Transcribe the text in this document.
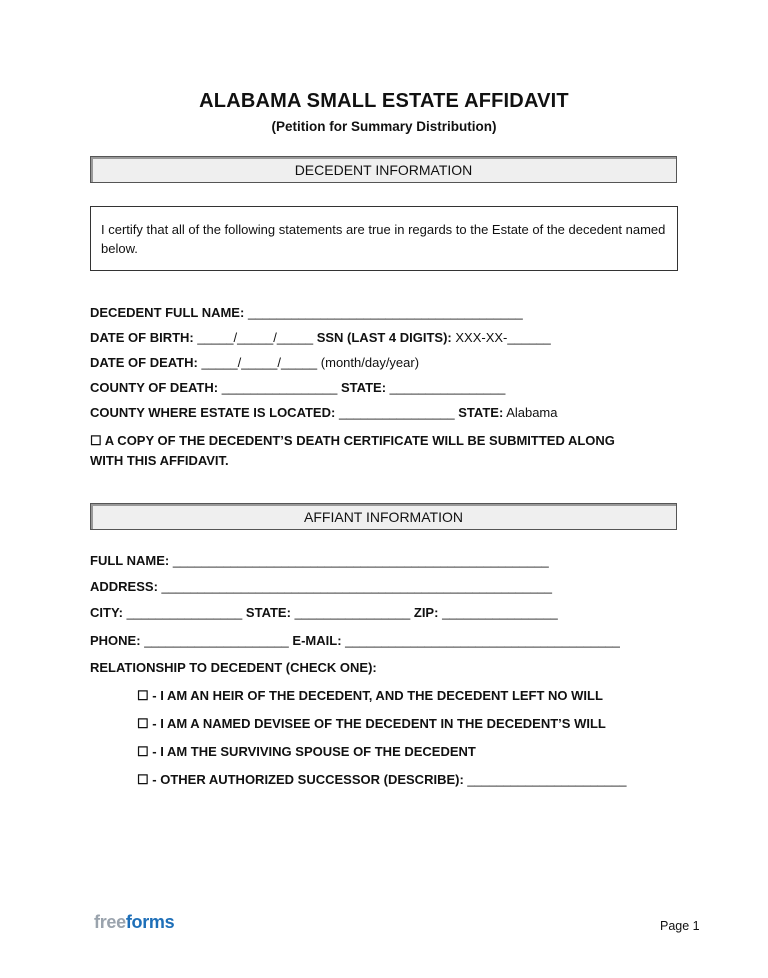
ALABAMA SMALL ESTATE AFFIDAVIT
(Petition for Summary Distribution)
DECEDENT INFORMATION
I certify that all of the following statements are true in regards to the Estate of the decedent named below.
DECEDENT FULL NAME: ______________________________________
DATE OF BIRTH: _____/_____/_____ SSN (LAST 4 DIGITS): XXX-XX-______
DATE OF DEATH: _____/_____/_____ (month/day/year)
COUNTY OF DEATH: ________________ STATE: ________________
COUNTY WHERE ESTATE IS LOCATED: ________________ STATE: Alabama
☐ A COPY OF THE DECEDENT’S DEATH CERTIFICATE WILL BE SUBMITTED ALONG
WITH THIS AFFIDAVIT.
AFFIANT INFORMATION
FULL NAME: ____________________________________________________
ADDRESS: ______________________________________________________
CITY: ________________ STATE: ________________ ZIP: ________________
PHONE: ____________________ E-MAIL: ______________________________________
RELATIONSHIP TO DECEDENT (CHECK ONE):
☐ - I AM AN HEIR OF THE DECEDENT, AND THE DECEDENT LEFT NO WILL
☐ - I AM A NAMED DEVISEE OF THE DECEDENT IN THE DECEDENT’S WILL
☐ - I AM THE SURVIVING SPOUSE OF THE DECEDENT
☐ - OTHER AUTHORIZED SUCCESSOR (DESCRIBE): ______________________
freeforms	Page 1
